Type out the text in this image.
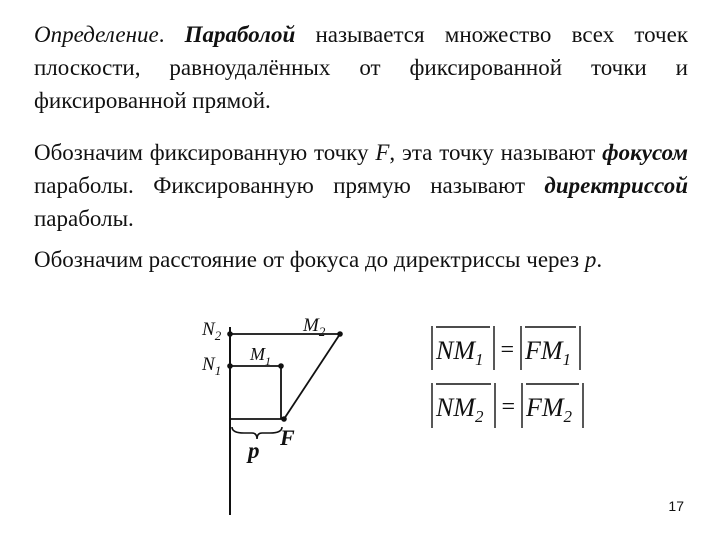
Определение. Параболой называется множество всех точек плоскости, равноудалённых от фиксированной точки и фиксированной прямой.

Обозначим фиксированную точку F, эта точку называют фокусом параболы. Фиксированную прямую называют директриссой параболы.

Обозначим расстояние от фокуса до директриссы через p.

$N_2$
$N_1$
$M_2$
$M_1$
F
p
$NM_1 = FM_1$
$NM_2 = FM_2$
17
